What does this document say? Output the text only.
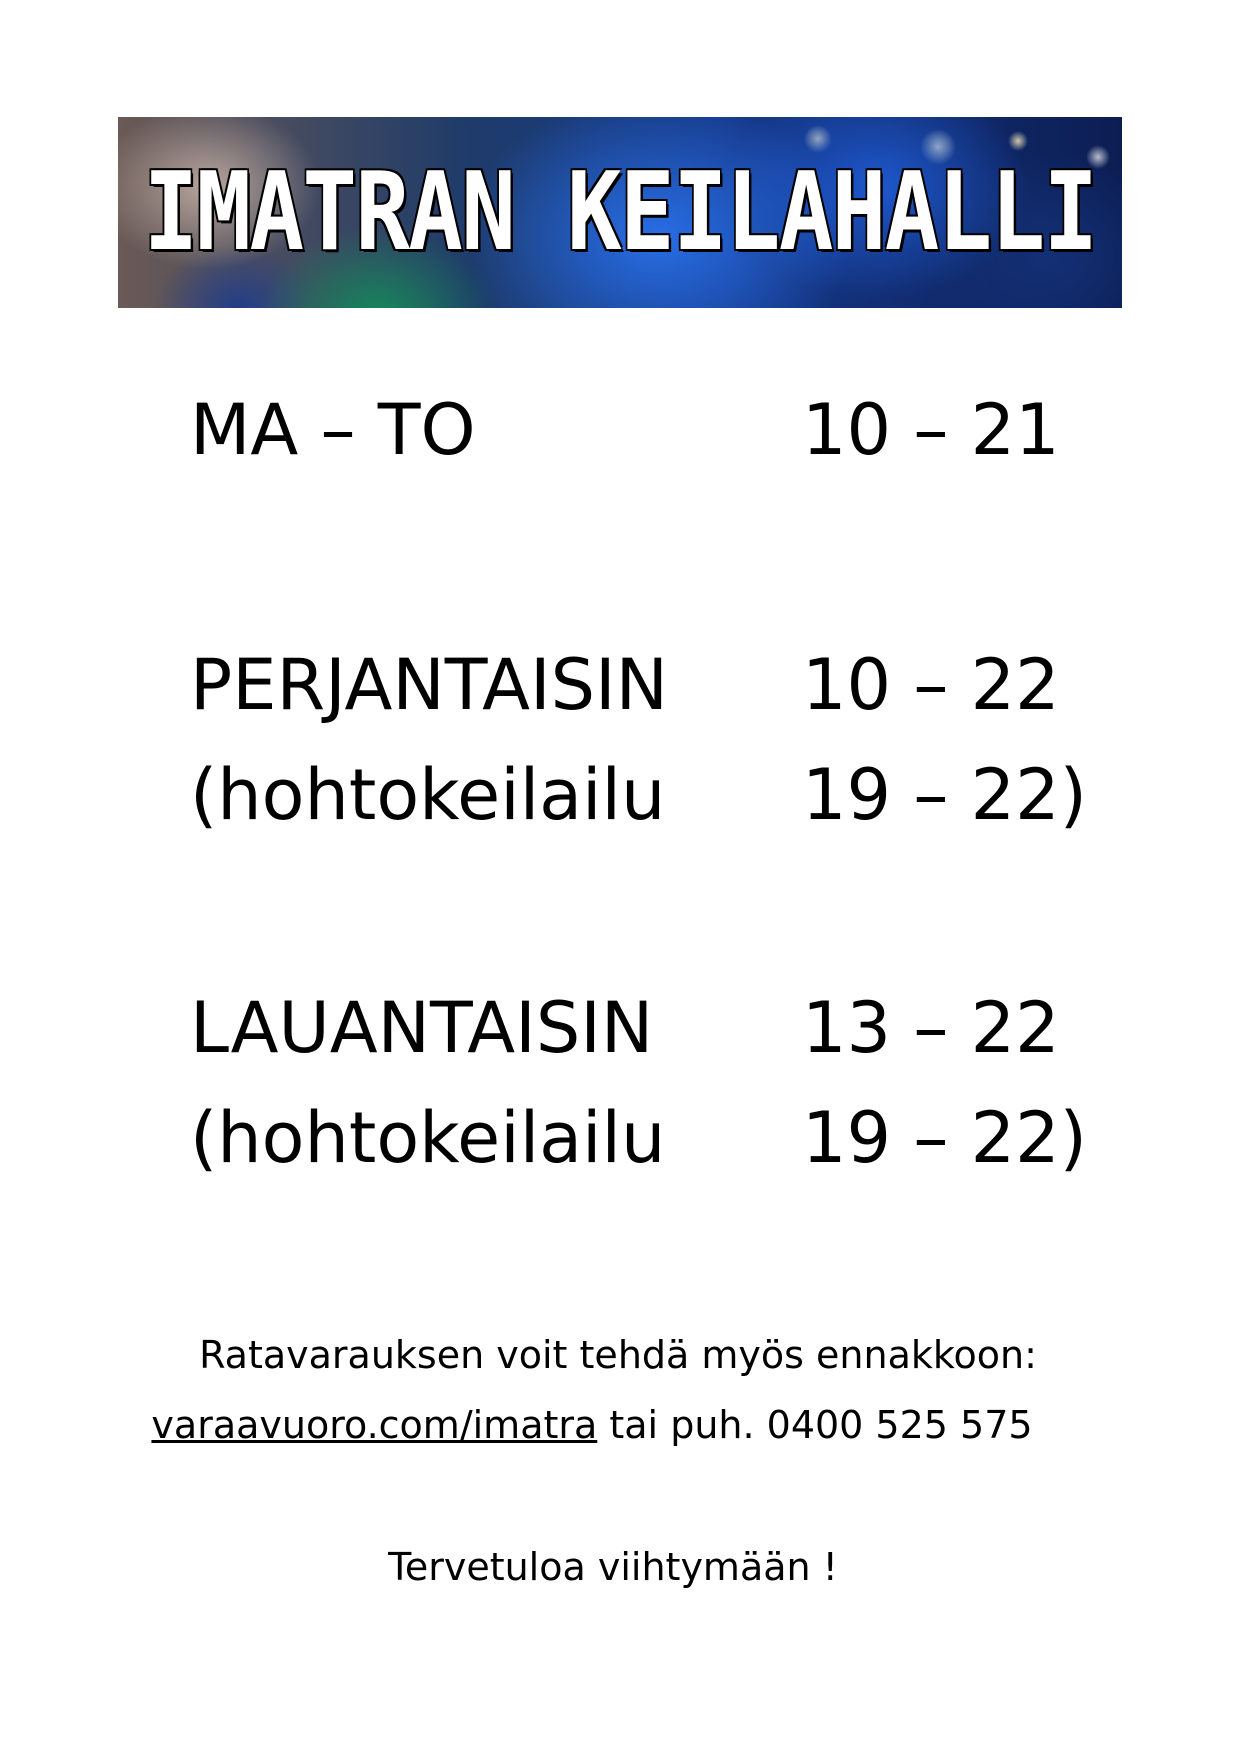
IMATRAN KEILAHALLI
MA – TO	10 – 21
PERJANTAISIN 10 – 22
(hohtokeilailu 19 – 22)
LAUANTAISIN 13 – 22
(hohtokeilailu 19 – 22)
Ratavarauksen voit tehdä myös ennakkoon:
varaavuoro.com/imatra tai puh. 0400 525 575
Tervetuloa viihtymään !
